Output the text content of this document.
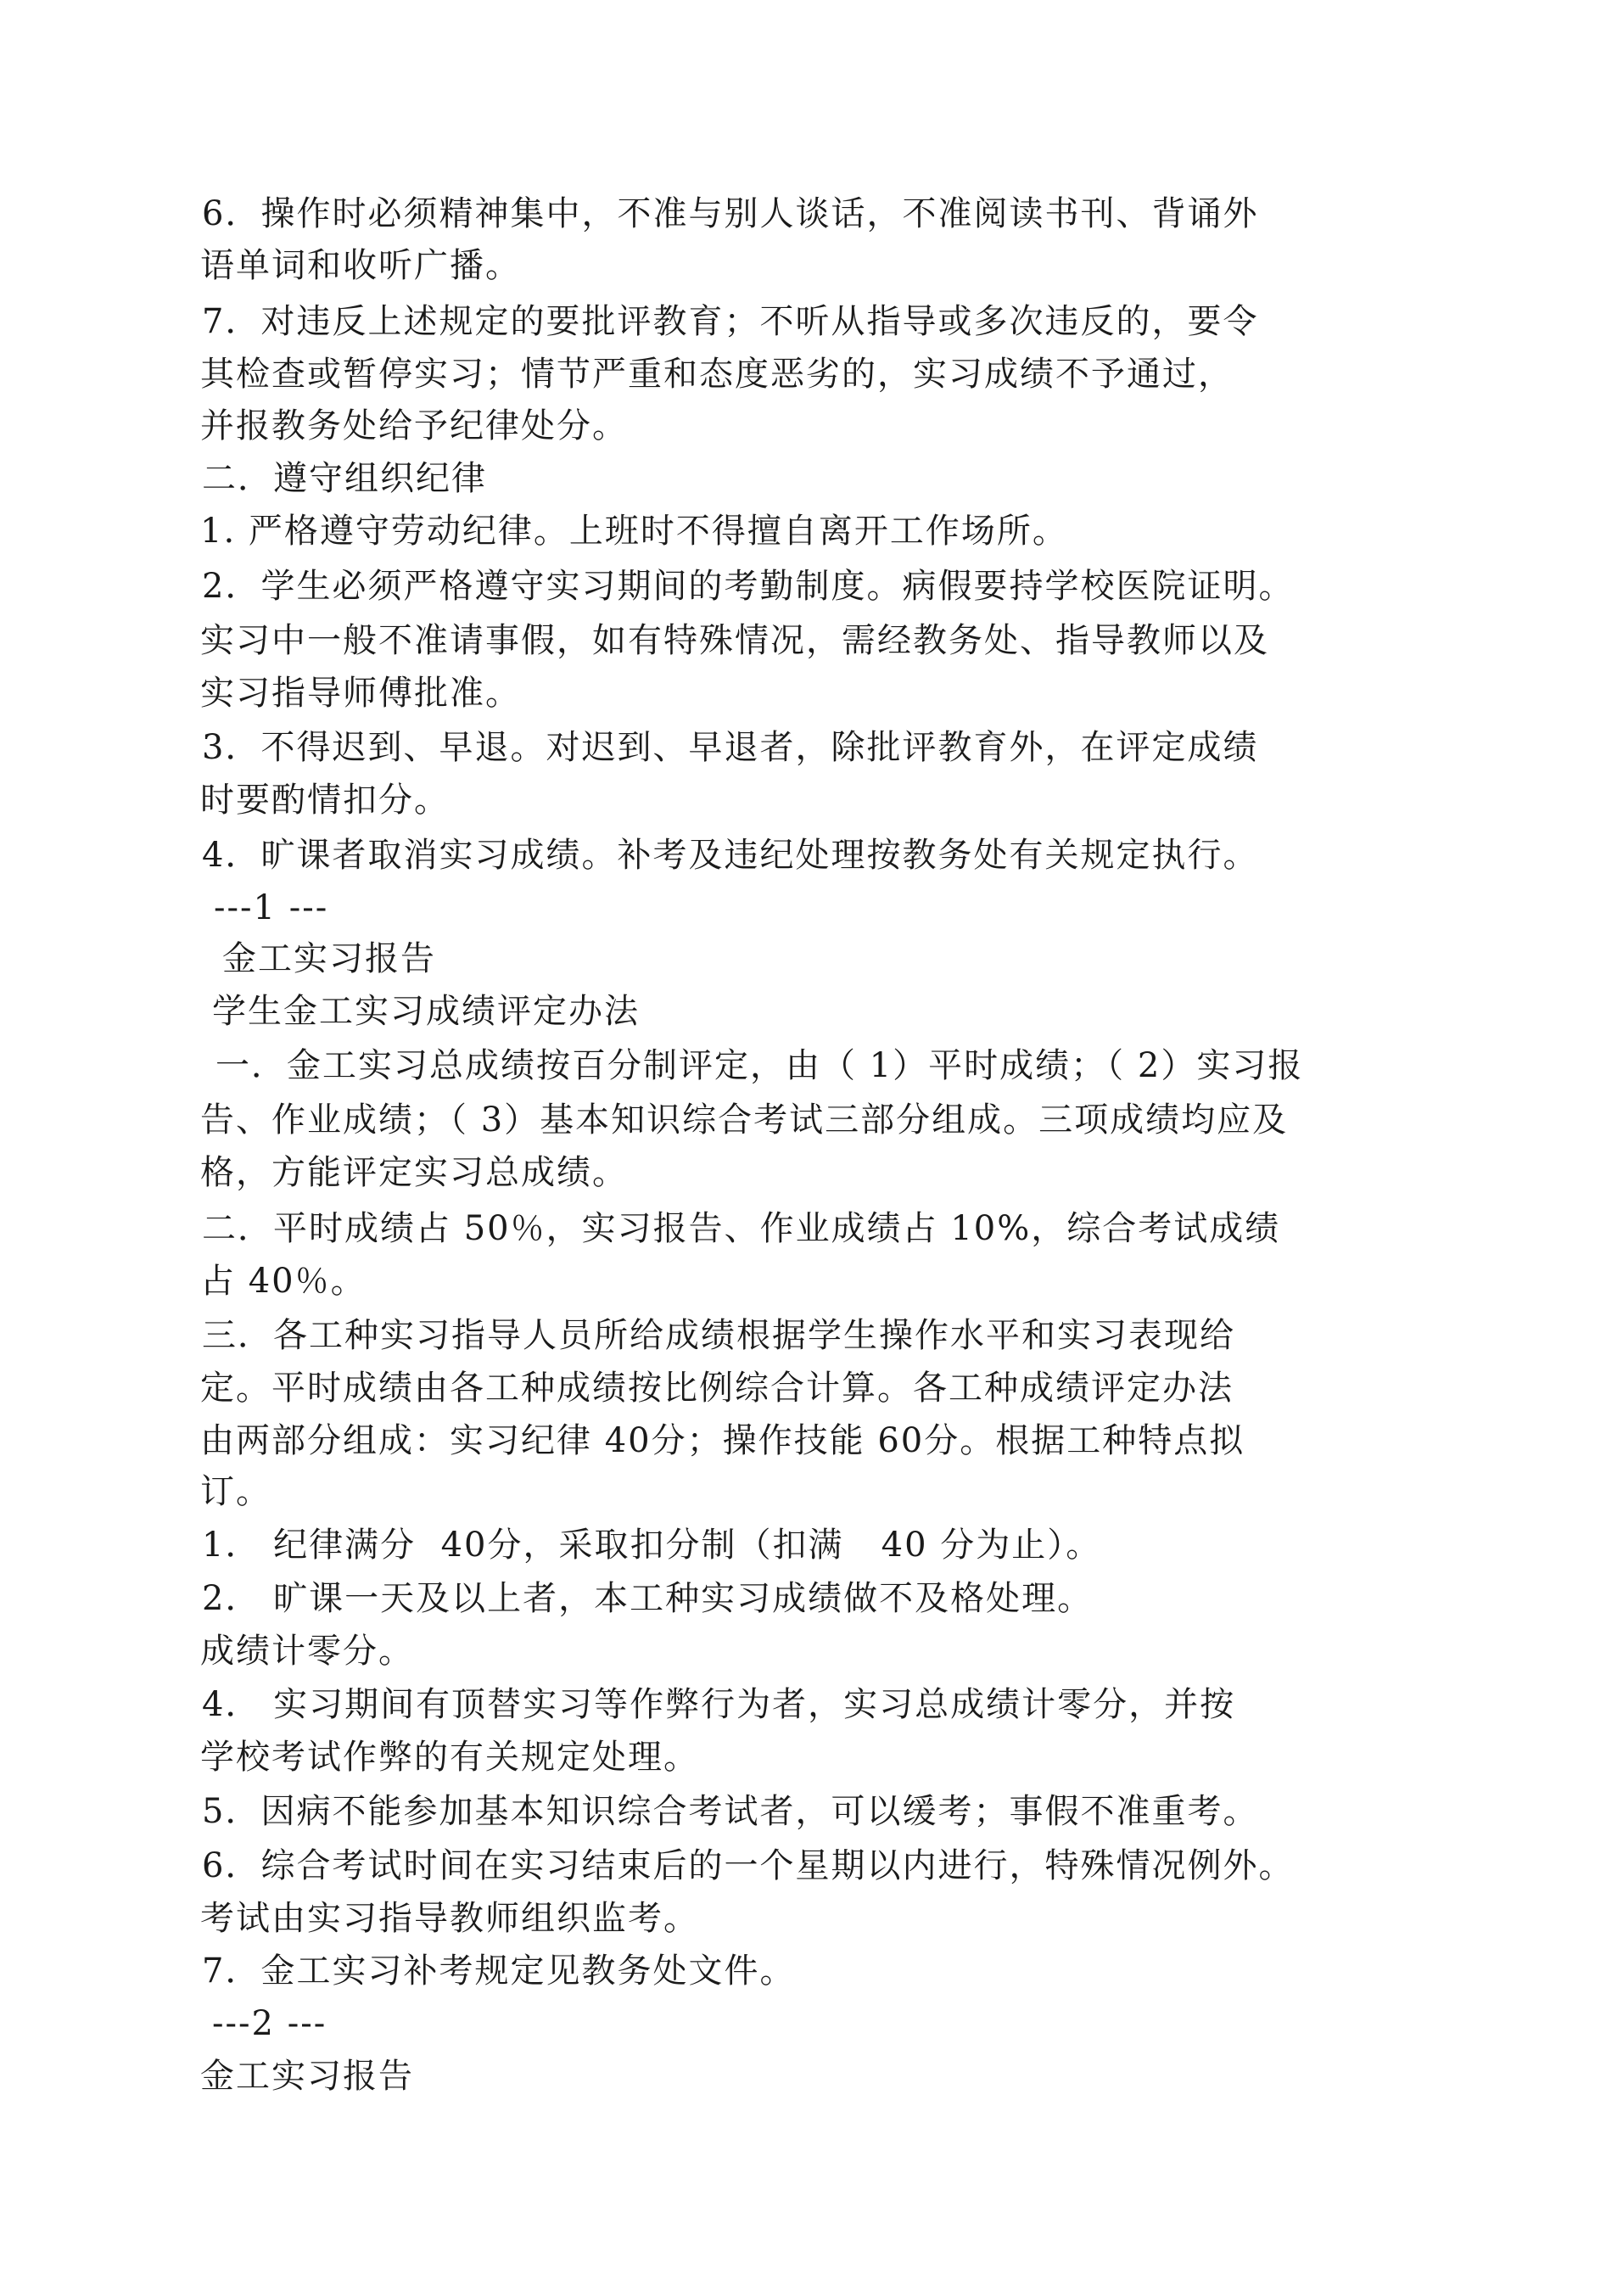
6．操作时必须精神集中，不准与别人谈话，不准阅读书刊、背诵外
语单词和收听广播。
7．对违反上述规定的要批评教育；不听从指导或多次违反的，要令
其检查或暂停实习；情节严重和态度恶劣的，实习成绩不予通过，
并报教务处给予纪律处分。
二．遵守组织纪律
1. 严格遵守劳动纪律。上班时不得擅自离开工作场所。
2．学生必须严格遵守实习期间的考勤制度。病假要持学校医院证明。
实习中一般不准请事假，如有特殊情况，需经教务处、指导教师以及
实习指导师傅批准。
3．不得迟到、早退。对迟到、早退者，除批评教育外，在评定成绩
时要酌情扣分。
4．旷课者取消实习成绩。补考及违纪处理按教务处有关规定执行。
---1 ---
金工实习报告
学生金工实习成绩评定办法
一．金工实习总成绩按百分制评定，由（ 1）平时成绩；（ 2）实习报
告、作业成绩；（ 3）基本知识综合考试三部分组成。三项成绩均应及
格，方能评定实习总成绩。
二．平时成绩占 50％，实习报告、作业成绩占 10%，综合考试成绩
占 40％。
三．各工种实习指导人员所给成绩根据学生操作水平和实习表现给
定。平时成绩由各工种成绩按比例综合计算。各工种成绩评定办法
由两部分组成：实习纪律 40分；操作技能 60分。根据工种特点拟
订。
1． 纪律满分  40分，采取扣分制（扣满   40 分为止）。
2． 旷课一天及以上者，本工种实习成绩做不及格处理。
成绩计零分。
4． 实习期间有顶替实习等作弊行为者，实习总成绩计零分，并按
学校考试作弊的有关规定处理。
5．因病不能参加基本知识综合考试者，可以缓考；事假不准重考。
6．综合考试时间在实习结束后的一个星期以内进行，特殊情况例外。
考试由实习指导教师组织监考。
7．金工实习补考规定见教务处文件。
---2 ---
金工实习报告
